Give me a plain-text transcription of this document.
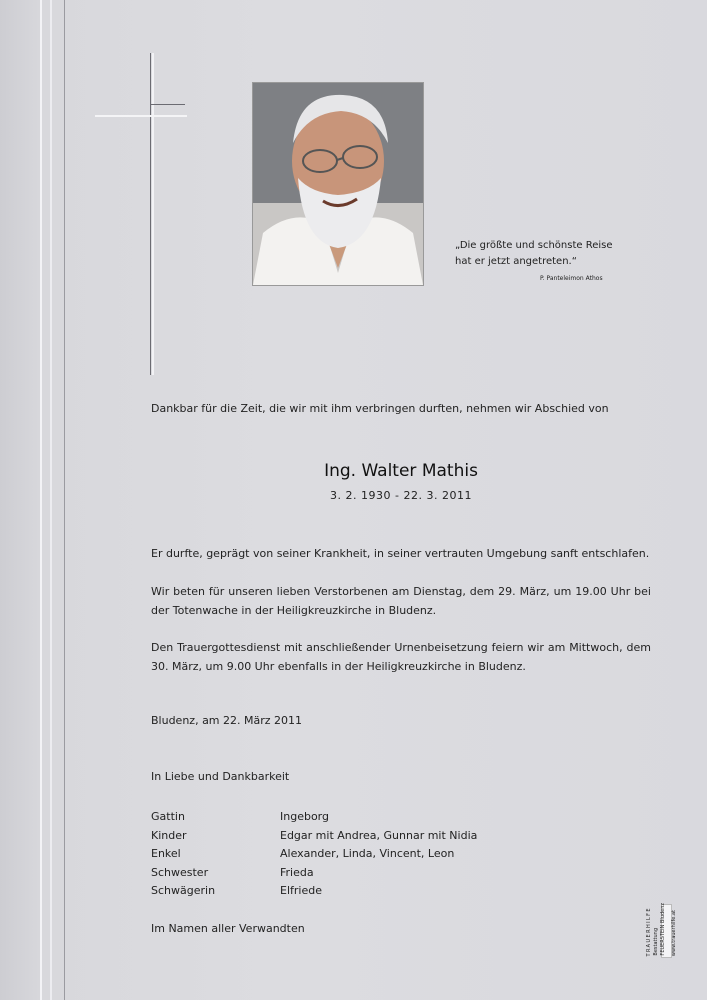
„Die größte und schönste Reise
hat er jetzt angetreten.“
P. Panteleimon Athos
Dankbar für die Zeit, die wir mit ihm verbringen durften, nehmen wir Abschied von
Ing. Walter Mathis
3. 2. 1930 - 22. 3. 2011
Er durfte, geprägt von seiner Krankheit, in seiner vertrauten Umgebung sanft entschlafen.
Wir beten für unseren lieben Verstorbenen am Dienstag, dem 29. März, um 19.00 Uhr bei der Totenwache in der Heiligkreuzkirche in Bludenz.
Den Trauergottesdienst mit anschließender Urnenbeisetzung feiern wir am Mittwoch, dem 30. März, um 9.00 Uhr ebenfalls in der Heiligkreuzkirche in Bludenz.
Bludenz, am 22. März 2011
In Liebe und Dankbarkeit
Gattin	Ingeborg
Kinder	Edgar mit Andrea, Gunnar mit Nidia
Enkel	Alexander, Linda, Vincent, Leon
Schwester	Frieda
Schwägerin	Elfriede
Im Namen aller Verwandten	TRAUERHILFE Bestattung FEUERSTEIN Bludenz www.trauerhilfe.at
